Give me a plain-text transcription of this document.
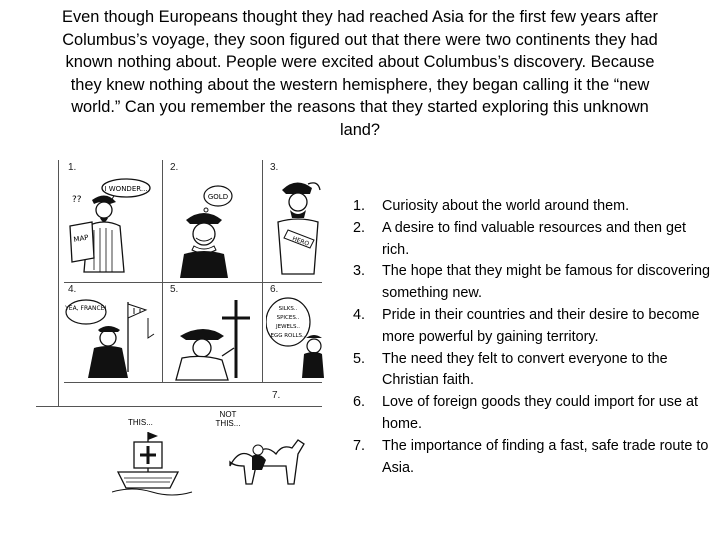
Even though Europeans thought they had reached Asia for the first few years after
Columbus’s voyage, they soon figured out that there were two continents they had
known nothing about. People were excited about Columbus’s discovery. Because
they knew nothing about the western hemisphere, they began calling it the “new
world.” Can you remember the reasons that they started exploring this unknown
land?

1.	2.	3.
4.	5.	6.
7.
I WONDER...
MAP
??	GOLD
HERO
YEA, FRANCE!	SILKS..
SPICES..
JEWELS..
EGG ROLLS..
THIS...
NOT THIS...
1. Curiosity about the world around them.
2. A desire to find valuable resources and then get rich.
3. The hope that they might be famous for discovering something new.
4. Pride in their countries and their desire to become more powerful by gaining territory.
5. The need they felt to convert everyone to the Christian faith.
6. Love of foreign goods they could import for use at home.
7. The importance of finding a fast, safe trade route to Asia.
